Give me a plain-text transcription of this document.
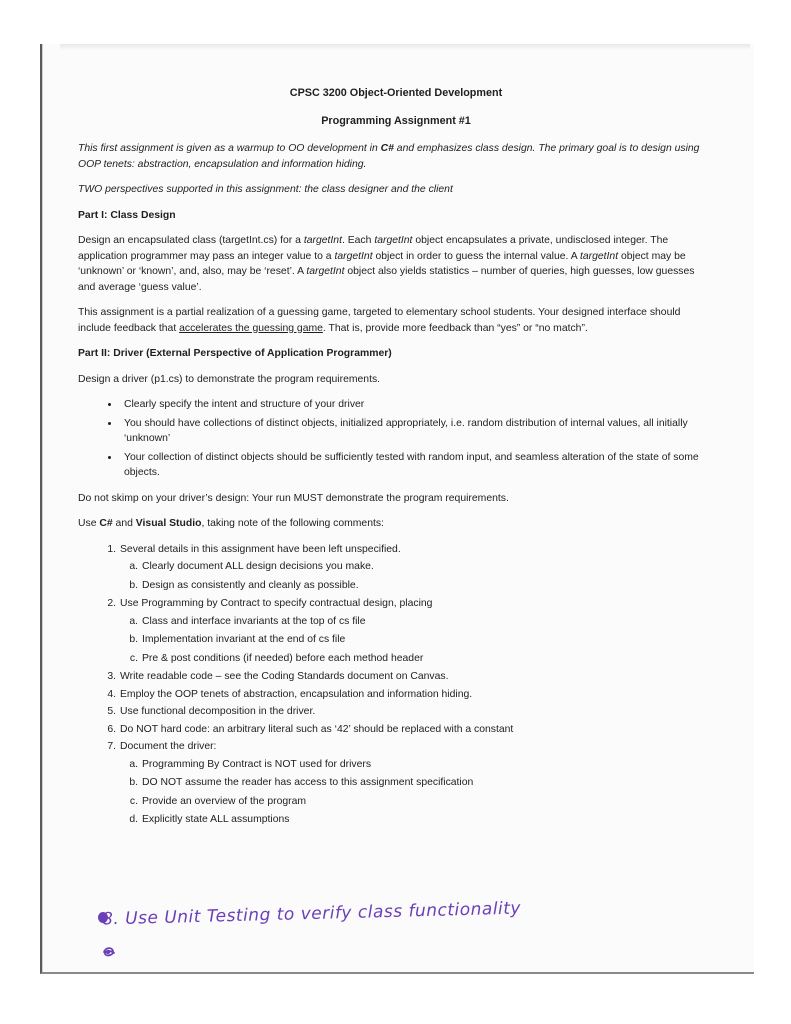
CPSC 3200 Object-Oriented Development
Programming Assignment #1

This first assignment is given as a warmup to OO development in C# and emphasizes class design. The primary goal is to design using OOP tenets: abstraction, encapsulation and information hiding.

TWO perspectives supported in this assignment: the class designer and the client

Part I: Class Design

Design an encapsulated class (targetInt.cs) for a targetInt. Each targetInt object encapsulates a private, undisclosed integer. The application programmer may pass an integer value to a targetInt object in order to guess the internal value. A targetInt object may be ‘unknown’ or ‘known’, and, also, may be ‘reset’. A targetInt object also yields statistics – number of queries, high guesses, low guesses and average ‘guess value’.

This assignment is a partial realization of a guessing game, targeted to elementary school students. Your designed interface should include feedback that accelerates the guessing game. That is, provide more feedback than “yes” or “no match”.

Part II: Driver (External Perspective of Application Programmer)

Design a driver (p1.cs) to demonstrate the program requirements.

• Clearly specify the intent and structure of your driver
• You should have collections of distinct objects, initialized appropriately, i.e. random distribution of internal values, all initially ‘unknown’
• Your collection of distinct objects should be sufficiently tested with random input, and seamless alteration of the state of some objects.

Do not skimp on your driver’s design: Your run MUST demonstrate the program requirements.

Use C# and Visual Studio, taking note of the following comments:

1. Several details in this assignment have been left unspecified.
a. Clearly document ALL design decisions you make.
b. Design as consistently and cleanly as possible.
2. Use Programming by Contract to specify contractual design, placing
a. Class and interface invariants at the top of cs file
b. Implementation invariant at the end of cs file
c. Pre & post conditions (if needed) before each method header
3. Write readable code – see the Coding Standards document on Canvas.
4. Employ the OOP tenets of abstraction, encapsulation and information hiding.
5. Use functional decomposition in the driver.
6. Do NOT hard code: an arbitrary literal such as ‘42’ should be replaced with a constant
7. Document the driver:
a. Programming By Contract is NOT used for drivers
b. DO NOT assume the reader has access to this assignment specification
c. Provide an overview of the program
d. Explicitly state ALL assumptions
8. Use Unit Testing to verify class functionality
